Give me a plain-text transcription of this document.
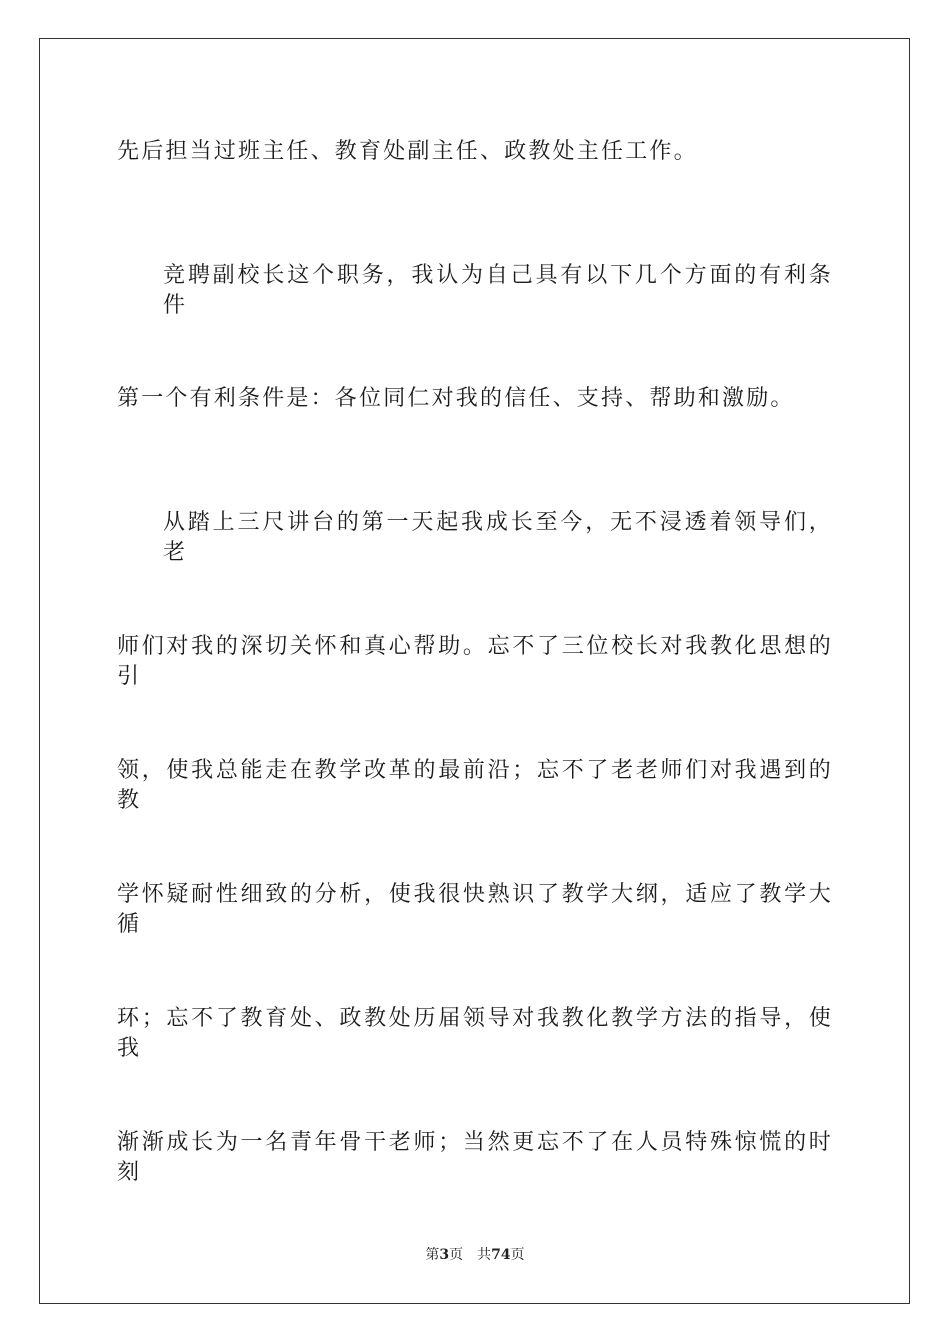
先后担当过班主任、教育处副主任、政教处主任工作。
竞聘副校长这个职务，我认为自己具有以下几个方面的有利条件
第一个有利条件是：各位同仁对我的信任、支持、帮助和激励。
从踏上三尺讲台的第一天起我成长至今，无不浸透着领导们，老
师们对我的深切关怀和真心帮助。忘不了三位校长对我教化思想的引
领，使我总能走在教学改革的最前沿；忘不了老老师们对我遇到的教
学怀疑耐性细致的分析，使我很快熟识了教学大纲，适应了教学大循
环；忘不了教育处、政教处历届领导对我教化教学方法的指导，使我
渐渐成长为一名青年骨干老师；当然更忘不了在人员特殊惊慌的时刻
第3页 共74页
